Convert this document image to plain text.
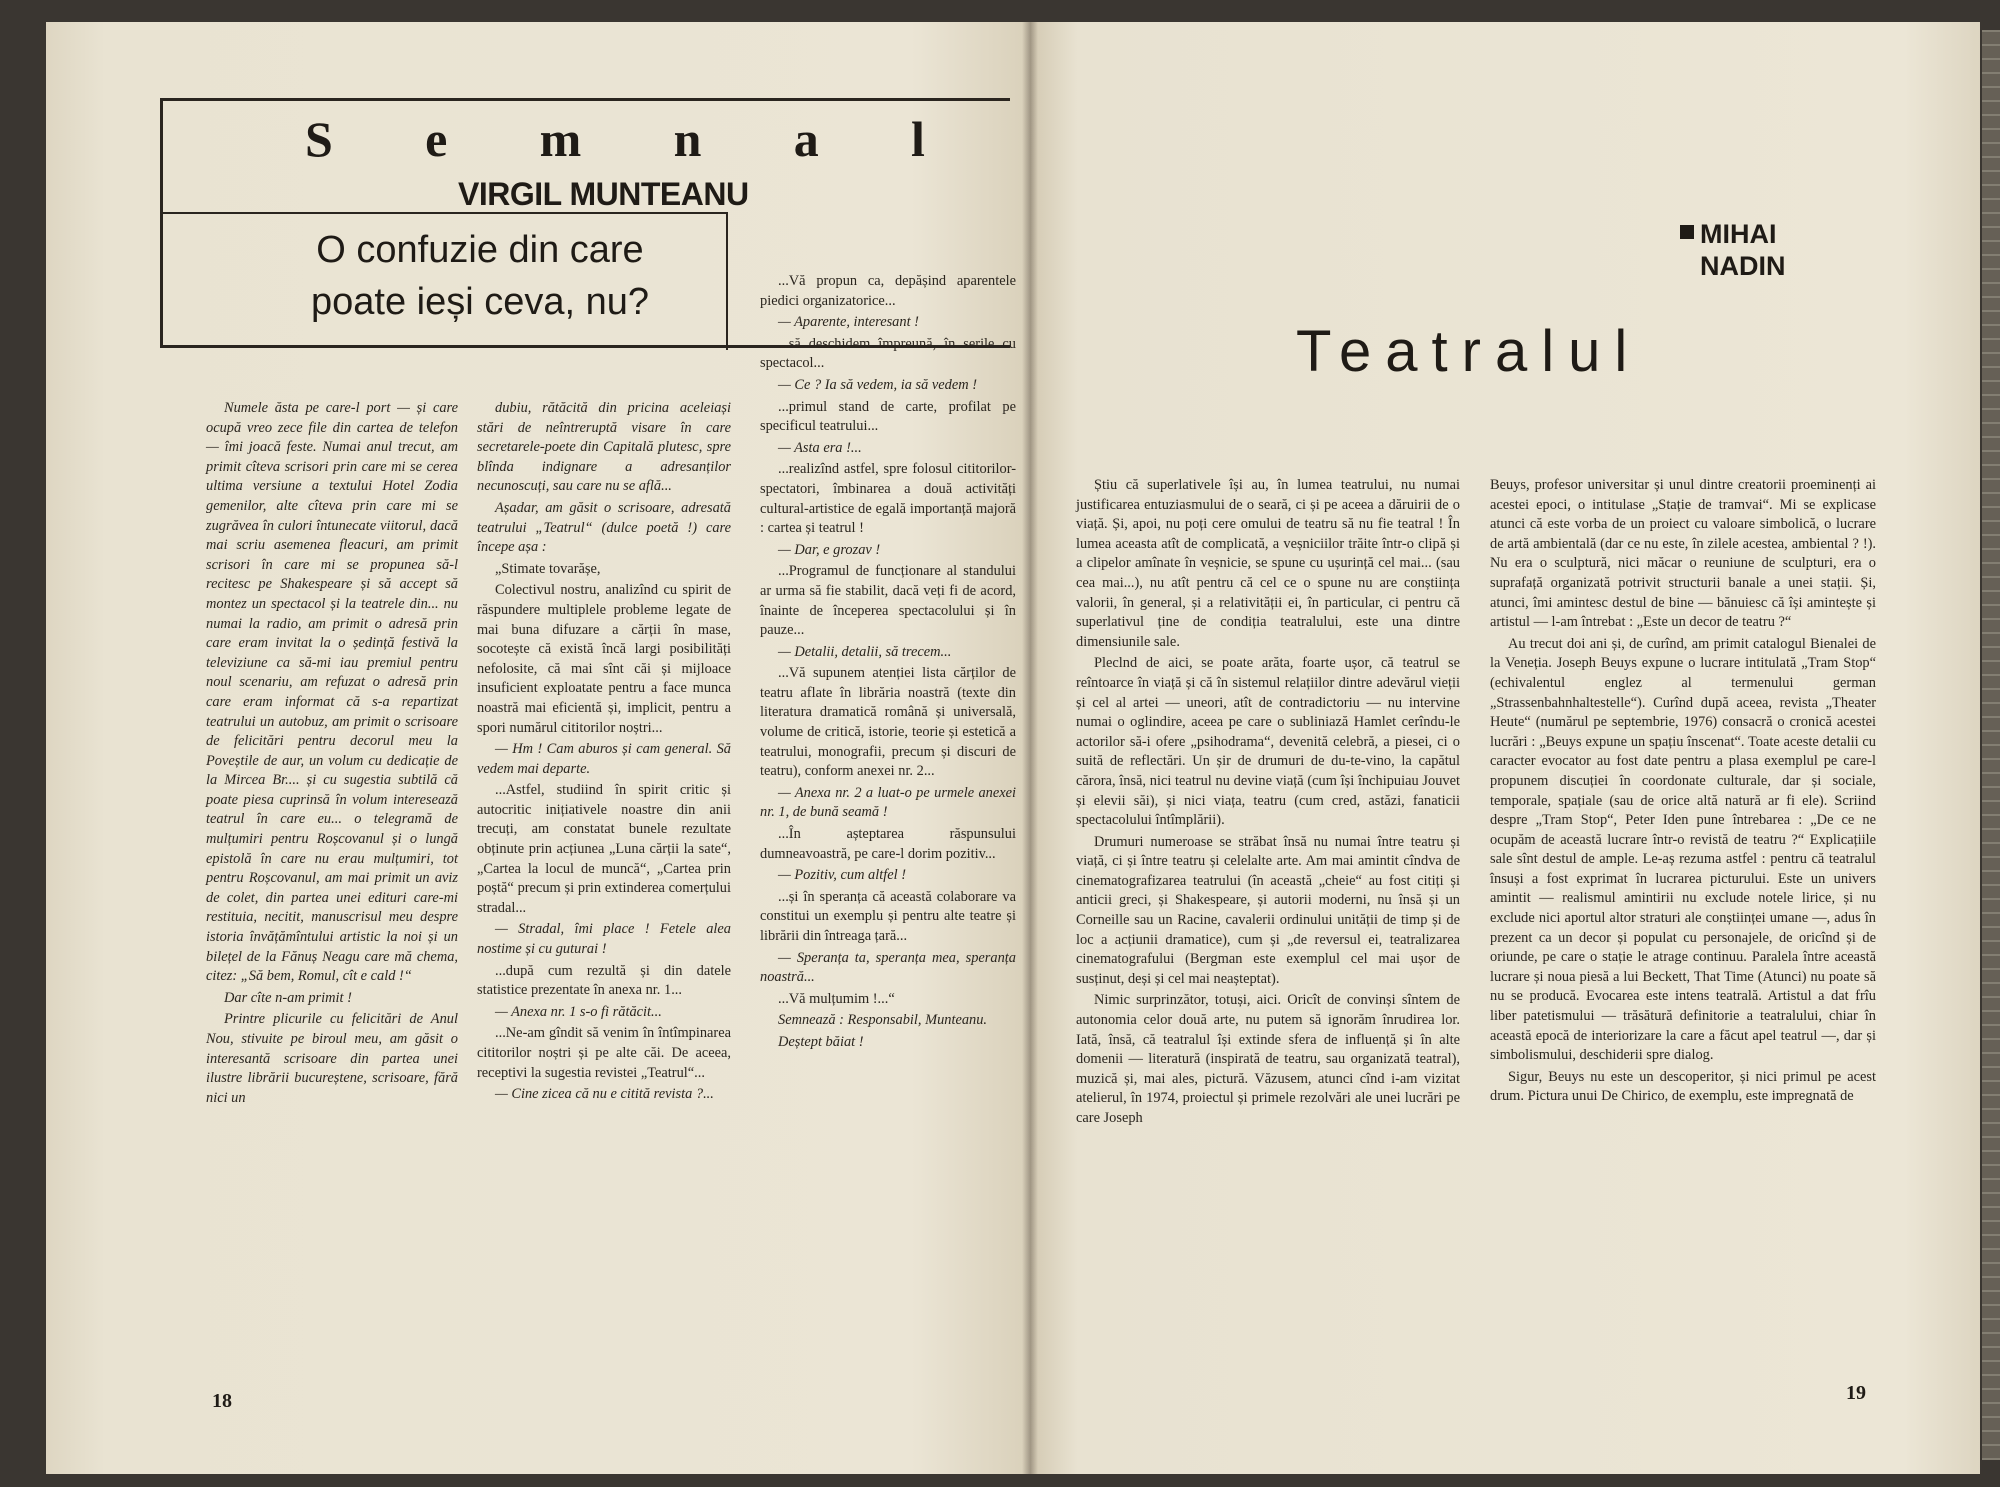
S e m n a l
VIRGIL MUNTEANU
O confuzie din care poate ieși ceva, nu?

Numele ăsta pe care-l port — și care ocupă vreo zece file din cartea de telefon — îmi joacă feste. Numai anul trecut, am primit cîteva scrisori prin care mi se cerea ultima versiune a textului Hotel Zodia gemenilor, alte cîteva prin care mi se zugrăvea în culori întunecate viitorul, dacă mai scriu asemenea fleacuri, am primit scrisori în care mi se propunea să-l recitesc pe Shakespeare și să accept să montez un spectacol și la teatrele din... nu numai la radio, am primit o adresă prin care eram invitat la o ședință festivă la televiziune ca să-mi iau premiul pentru noul scenariu, am refuzat o adresă prin care eram informat că s-a repartizat teatrului un autobuz, am primit o scrisoare de felicitări pentru decorul meu la Poveștile de aur, un volum cu dedicație de la Mircea Br.... și cu sugestia subtilă că poate piesa cuprinsă în volum interesează teatrul în care eu... o telegramă de mulțumiri pentru Roșcovanul și o lungă epistolă în care nu erau mulțumiri, tot pentru Roșcovanul, am mai primit un aviz de colet, din partea unei edituri care-mi restituia, necitit, manuscrisul meu despre istoria învățămîntului artistic la noi și un bilețel de la Fănuș Neagu care mă chema, citez: „Să bem, Romul, cît e cald !“

Dar cîte n-am primit !

Printre plicurile cu felicitări de Anul Nou, stivuite pe biroul meu, am găsit o interesantă scrisoare din partea unei ilustre librării bucureștene, scrisoare, fără nici un

dubiu, rătăcită din pricina aceleiași stări de neîntreruptă visare în care secretarele-poete din Capitală plutesc, spre blînda indignare a adresanților necunoscuți, sau care nu se află...

Așadar, am găsit o scrisoare, adresată teatrului „Teatrul“ (dulce poetă !) care începe așa :

„Stimate tovarășe,

Colectivul nostru, analizînd cu spirit de răspundere multiplele probleme legate de mai buna difuzare a cărții în mase, socotește că există încă largi posibilități nefolosite, că mai sînt căi și mijloace insuficient exploatate pentru a face munca noastră mai eficientă și, implicit, pentru a spori numărul cititorilor noștri...

— Hm ! Cam aburos și cam general. Să vedem mai departe.

...Astfel, studiind în spirit critic și autocritic inițiativele noastre din anii trecuți, am constatat bunele rezultate obținute prin acțiunea „Luna cărții la sate“, „Cartea la locul de muncă“, „Cartea prin poștă“ precum și prin extinderea comerțului stradal...

— Stradal, îmi place ! Fetele alea nostime și cu guturai !

...după cum rezultă și din datele statistice prezentate în anexa nr. 1...

— Anexa nr. 1 s-o fi rătăcit...

...Ne-am gîndit să venim în întîmpinarea cititorilor noștri și pe alte căi. De aceea, receptivi la sugestia revistei „Teatrul“...

— Cine zicea că nu e citită revista ?...

...Vă propun ca, depășind aparentele piedici organizatorice...

— Aparente, interesant !

...să deschidem împreună, în serile cu spectacol...

— Ce ? Ia să vedem, ia să vedem !

...primul stand de carte, profilat pe specificul teatrului...

— Asta era !...

...realizînd astfel, spre folosul cititorilor-spectatori, îmbinarea a două activități cultural-artistice de egală importanță majoră : cartea și teatrul !

— Dar, e grozav !

...Programul de funcționare al standului ar urma să fie stabilit, dacă veți fi de acord, înainte de începerea spectacolului și în pauze...

— Detalii, detalii, să trecem...

...Vă supunem atenției lista cărților de teatru aflate în librăria noastră (texte din literatura dramatică română și universală, volume de critică, istorie, teorie și estetică a teatrului, monografii, precum și discuri de teatru), conform anexei nr. 2...

— Anexa nr. 2 a luat-o pe urmele anexei nr. 1, de bună seamă !

...În așteptarea răspunsului dumneavoastră, pe care-l dorim pozitiv...

— Pozitiv, cum altfel !

...și în speranța că această colaborare va constitui un exemplu și pentru alte teatre și librării din întreaga țară...

— Speranța ta, speranța mea, speranța noastră...

...Vă mulțumim !...“

Semnează : Responsabil, Munteanu.

Deștept băiat !

18
MIHAI
NADIN
Teatralul

Știu că superlativele își au, în lumea teatrului, nu numai justificarea entuziasmului de o seară, ci și pe aceea a dăruirii de o viață. Și, apoi, nu poți cere omului de teatru să nu fie teatral ! În lumea aceasta atît de complicată, a veșniciilor trăite într-o clipă și a clipelor amînate în veșnicie, se spune cu ușurință cel mai... (sau cea mai...), nu atît pentru că cel ce o spune nu are conștiința valorii, în general, și a relativității ei, în particular, ci pentru că superlativul ține de condiția teatralului, este una dintre dimensiunile sale.

Pleclnd de aici, se poate arăta, foarte ușor, că teatrul se reîntoarce în viață și că în sistemul relațiilor dintre adevărul vieții și cel al artei — uneori, atît de contradictoriu — nu intervine numai o oglindire, aceea pe care o subliniază Hamlet cerîndu-le actorilor să-i ofere „psihodrama“, devenită celebră, a piesei, ci o suită de reflectări. Un șir de drumuri de du-te-vino, la capătul cărora, însă, nici teatrul nu devine viață (cum își închipuiau Jouvet și elevii săi), și nici viața, teatru (cum cred, astăzi, fanaticii spectacolului întîmplării).

Drumuri numeroase se străbat însă nu numai între teatru și viață, ci și între teatru și celelalte arte. Am mai amintit cîndva de cinematografizarea teatrului (în această „cheie“ au fost citiți și anticii greci, și Shakespeare, și autorii moderni, nu însă și un Corneille sau un Racine, cavalerii ordinului unității de timp și de loc a acțiunii dramatice), cum și „de reversul ei, teatralizarea cinematografului (Bergman este exemplul cel mai ușor de susținut, deși și cel mai neașteptat).

Nimic surprinzător, totuși, aici. Oricît de convinși sîntem de autonomia celor două arte, nu putem să ignorăm înrudirea lor. Iată, însă, că teatralul își extinde sfera de influență și în alte domenii — literatură (inspirată de teatru, sau organizată teatral), muzică și, mai ales, pictură. Văzusem, atunci cînd i-am vizitat atelierul, în 1974, proiectul și primele rezolvări ale unei lucrări pe care Joseph

Beuys, profesor universitar și unul dintre creatorii proeminenți ai acestei epoci, o intitulase „Stație de tramvai“. Mi se explicase atunci că este vorba de un proiect cu valoare simbolică, o lucrare de artă ambientală (dar ce nu este, în zilele acestea, ambiental ? !). Nu era o sculptură, nici măcar o reuniune de sculpturi, era o suprafață organizată potrivit structurii banale a unei stații. Și, atunci, îmi amintesc destul de bine — bănuiesc că își amintește și artistul — l-am întrebat : „Este un decor de teatru ?“

Au trecut doi ani și, de curînd, am primit catalogul Bienalei de la Veneția. Joseph Beuys expune o lucrare intitulată „Tram Stop“ (echivalentul englez al termenului german „Strassenbahnhaltestelle“). Curînd după aceea, revista „Theater Heute“ (numărul pe septembrie, 1976) consacră o cronică acestei lucrări : „Beuys expune un spațiu înscenat“. Toate aceste detalii cu caracter evocator au fost date pentru a plasa exemplul pe care-l propunem discuției în coordonate culturale, dar și sociale, temporale, spațiale (sau de orice altă natură ar fi ele). Scriind despre „Tram Stop“, Peter Iden pune întrebarea : „De ce ne ocupăm de această lucrare într-o revistă de teatru ?“ Explicațiile sale sînt destul de ample. Le-aș rezuma astfel : pentru că teatralul însuși a fost exprimat în lucrarea picturului. Este un univers amintit — realismul amintirii nu exclude notele lirice, și nu exclude nici aportul altor straturi ale conștiinței umane —, adus în prezent ca un decor și populat cu personajele, de oricînd și de oriunde, pe care o stație le atrage continuu. Paralela între această lucrare și noua piesă a lui Beckett, That Time (Atunci) nu poate să nu se producă. Evocarea este intens teatrală. Artistul a dat frîu liber patetismului — trăsătură definitorie a teatralului, chiar în această epocă de interiorizare la care a făcut apel teatrul —, dar și simbolismului, deschiderii spre dialog.

Sigur, Beuys nu este un descoperitor, și nici primul pe acest drum. Pictura unui De Chirico, de exemplu, este impregnată de

19
